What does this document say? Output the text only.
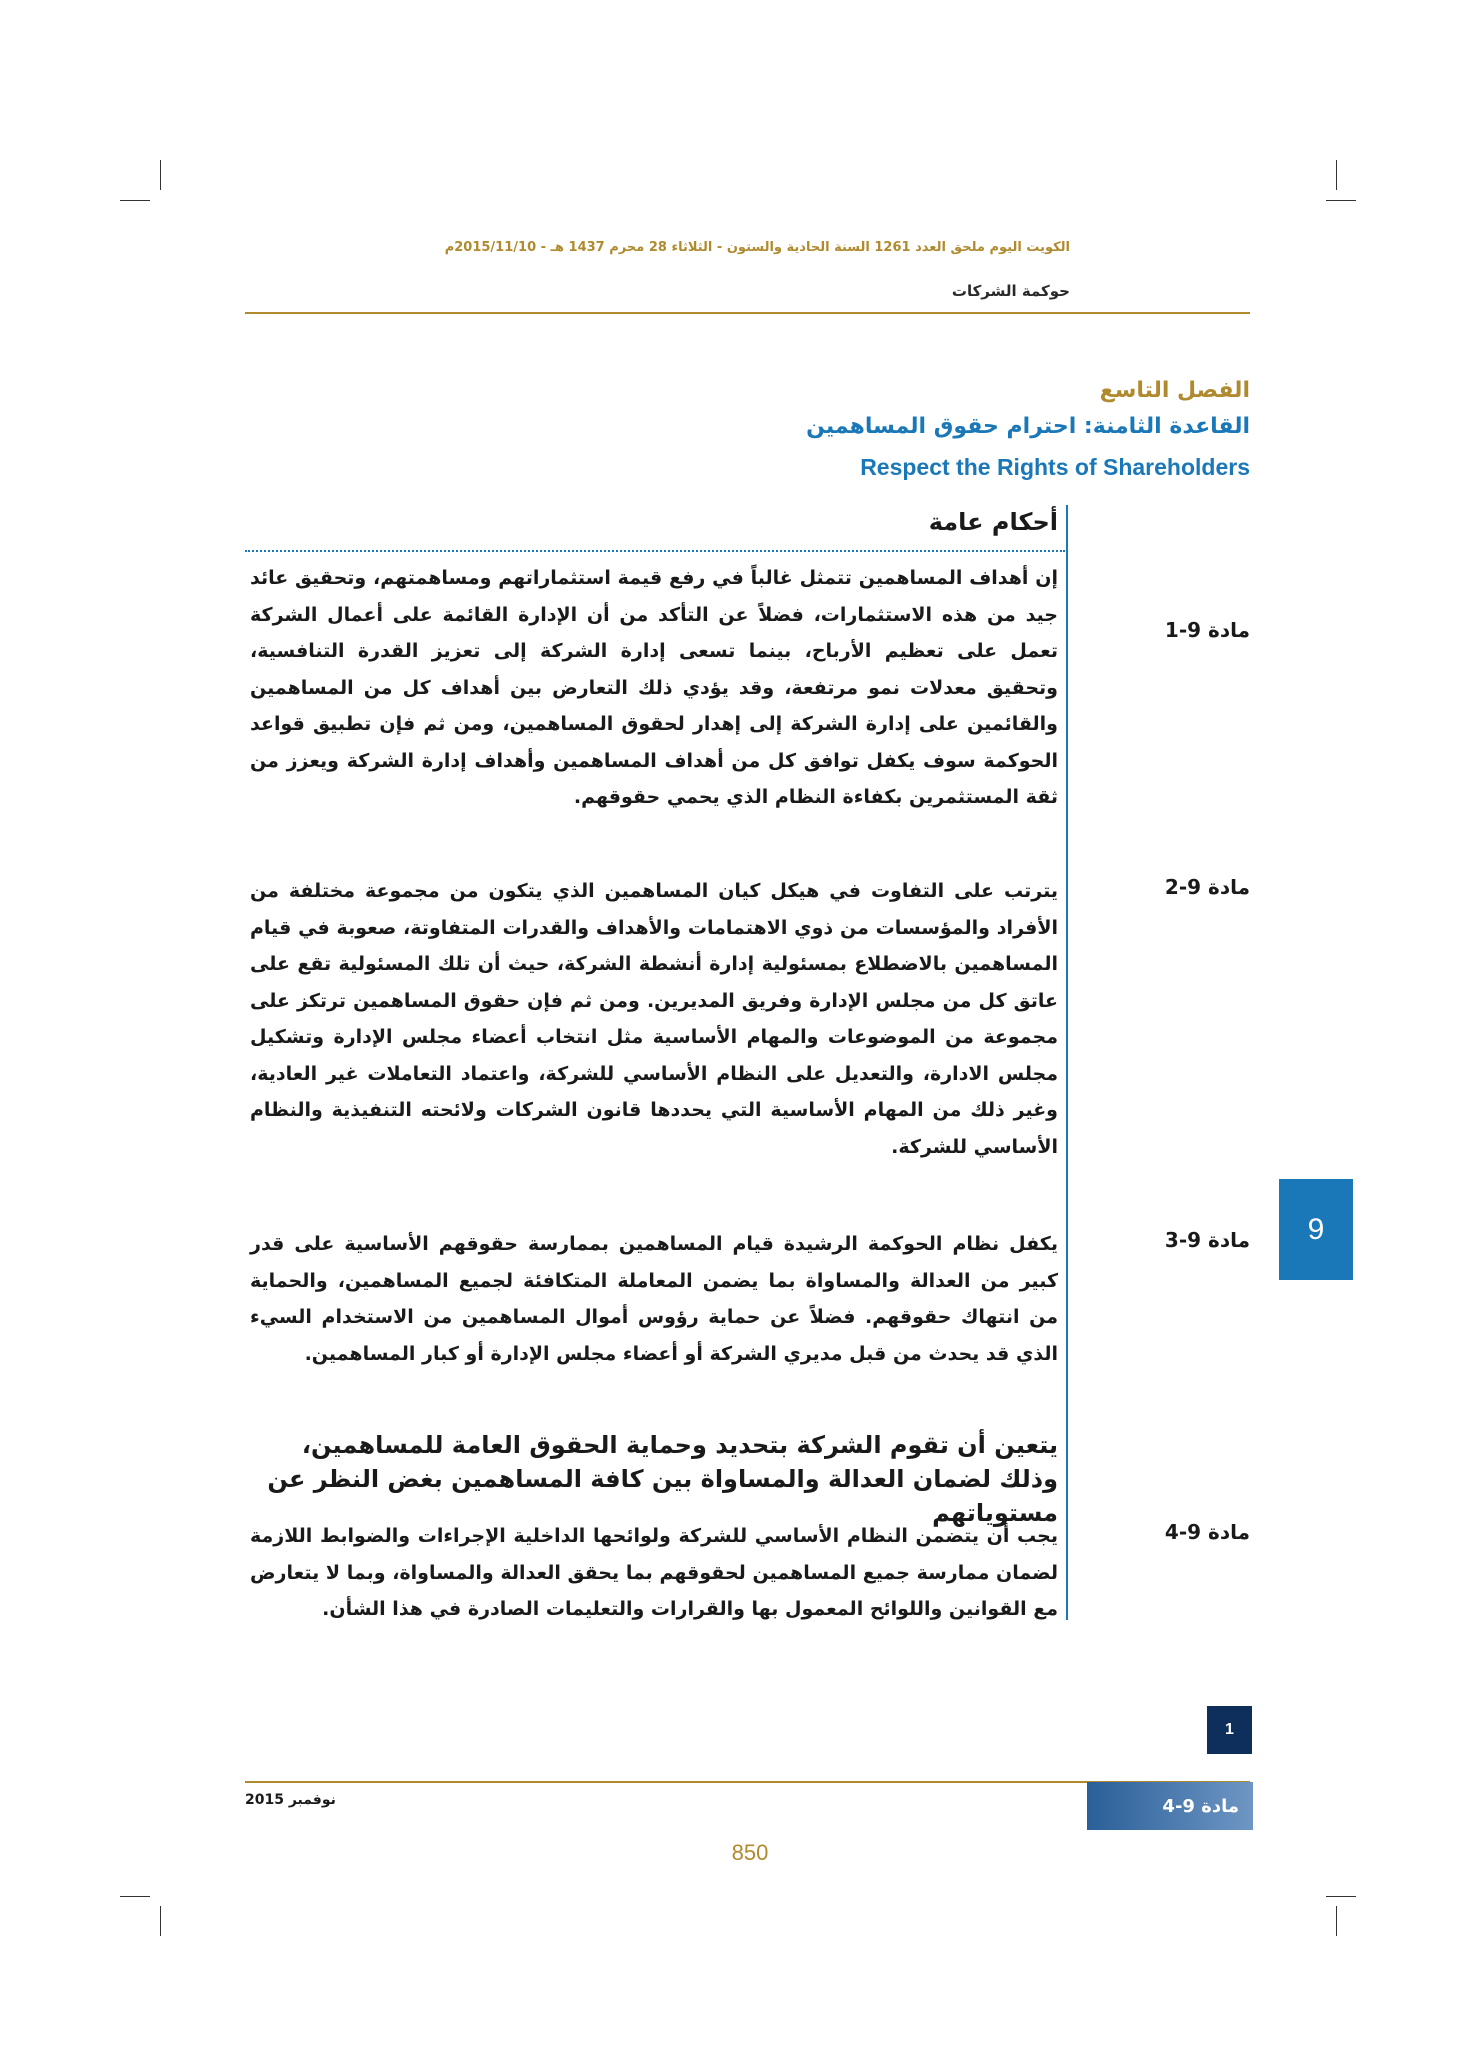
الكويت اليوم ملحق العدد 1261 السنة الحادية والستون - الثلاثاء 28 محرم 1437 هـ - 2015/11/10م
حوكمة الشركات
الفصل التاسع
القاعدة الثامنة: احترام حقوق المساهمين
Respect the Rights of Shareholders
أحكام عامة
مادة 9-1
إن أهداف المساهمين تتمثل غالباً في رفع قيمة استثماراتهم ومساهمتهم، وتحقيق عائد جيد من هذه الاستثمارات، فضلاً عن التأكد من أن الإدارة القائمة على أعمال الشركة تعمل على تعظيم الأرباح، بينما تسعى إدارة الشركة إلى تعزيز القدرة التنافسية، وتحقيق معدلات نمو مرتفعة، وقد يؤدي ذلك التعارض بين أهداف كل من المساهمين والقائمين على إدارة الشركة إلى إهدار لحقوق المساهمين، ومن ثم فإن تطبيق قواعد الحوكمة سوف يكفل توافق كل من أهداف المساهمين وأهداف إدارة الشركة ويعزز من ثقة المستثمرين بكفاءة النظام الذي يحمي حقوقهم.
مادة 9-2
يترتب على التفاوت في هيكل كيان المساهمين الذي يتكون من مجموعة مختلفة من الأفراد والمؤسسات من ذوي الاهتمامات والأهداف والقدرات المتفاوتة، صعوبة في قيام المساهمين بالاضطلاع بمسئولية إدارة أنشطة الشركة، حيث أن تلك المسئولية تقع على عاتق كل من مجلس الإدارة وفريق المديرين. ومن ثم فإن حقوق المساهمين ترتكز على مجموعة من الموضوعات والمهام الأساسية مثل انتخاب أعضاء مجلس الإدارة وتشكيل مجلس الادارة، والتعديل على النظام الأساسي للشركة، واعتماد التعاملات غير العادية، وغير ذلك من المهام الأساسية التي يحددها قانون الشركات ولائحته التنفيذية والنظام الأساسي للشركة.
مادة 9-3
يكفل نظام الحوكمة الرشيدة قيام المساهمين بممارسة حقوقهم الأساسية على قدر كبير من العدالة والمساواة بما يضمن المعاملة المتكافئة لجميع المساهمين، والحماية من انتهاك حقوقهم. فضلاً عن حماية رؤوس أموال المساهمين من الاستخدام السيء الذي قد يحدث من قبل مديري الشركة أو أعضاء مجلس الإدارة أو كبار المساهمين.
يتعين أن تقوم الشركة بتحديد وحماية الحقوق العامة للمساهمين، وذلك لضمان العدالة والمساواة بين كافة المساهمين بغض النظر عن مستوياتهم
مادة 9-4
يجب أن يتضمن النظام الأساسي للشركة ولوائحها الداخلية الإجراءات والضوابط اللازمة لضمان ممارسة جميع المساهمين لحقوقهم بما يحقق العدالة والمساواة، وبما لا يتعارض مع القوانين واللوائح المعمول بها والقرارات والتعليمات الصادرة في هذا الشأن.
9
1
نوفمبر 2015	مادة 9-4
850
